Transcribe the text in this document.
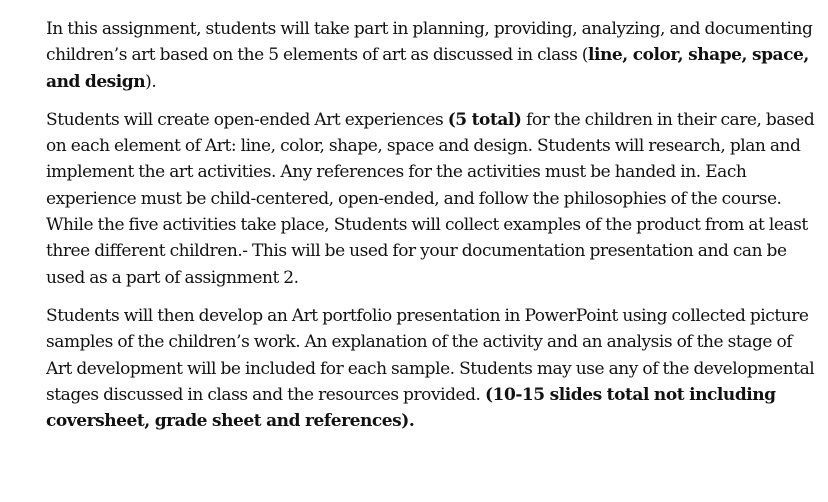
In this assignment, students will take part in planning, providing, analyzing, and documenting children’s art based on the 5 elements of art as discussed in class (line, color, shape, space, and design).

Students will create open-ended Art experiences (5 total) for the children in their care, based on each element of Art: line, color, shape, space and design. Students will research, plan and implement the art activities. Any references for the activities must be handed in. Each experience must be child-centered, open-ended, and follow the philosophies of the course. While the five activities take place, Students will collect examples of the product from at least three different children.- This will be used for your documentation presentation and can be used as a part of assignment 2.

Students will then develop an Art portfolio presentation in PowerPoint using collected picture samples of the children’s work. An explanation of the activity and an analysis of the stage of Art development will be included for each sample. Students may use any of the developmental stages discussed in class and the resources provided. (10-15 slides total not including coversheet, grade sheet and references).
